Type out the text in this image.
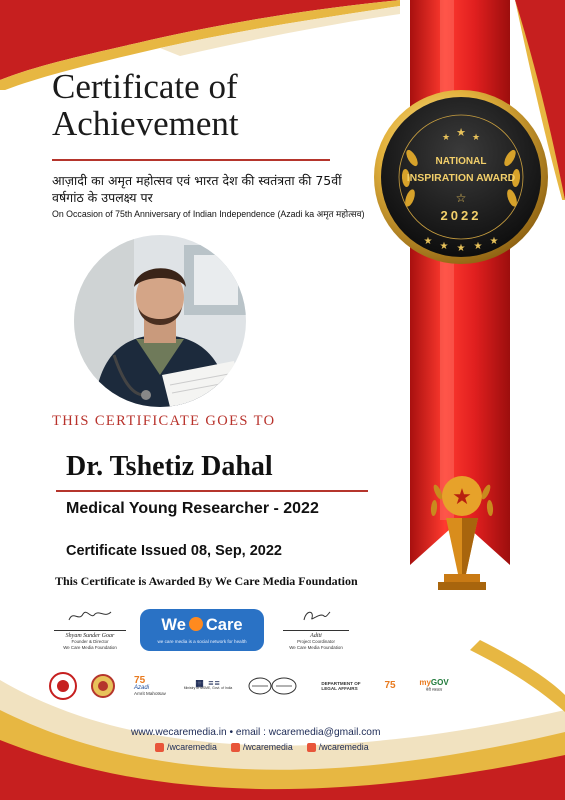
★ ★ ★
☆
★ ★ ★ ★ ★
NATIONAL
INSPIRATION AWARD
2022
★
Certificate of
Achievement
आज़ादी का अमृत महोत्सव एवं भारत देश की स्वतंत्रता की 75वीं
वर्षगांठ के उपलक्ष्य पर
On Occasion of 75th Anniversary of Indian Independence (Azadi ka अमृत महोत्सव)
THIS CERTIFICATE GOES TO
Dr. Tshetiz Dahal
Medical Young Researcher - 2022
Certificate Issued 08, Sep, 2022
This Certificate is Awarded By We Care Media Foundation
Shyam Sunder Goar
Founder & Director
We Care Media Foundation
Aditi
Project Coordinator
We Care Media Foundation
We Care
we care media is a social network for health
75
Azadi
Amrit Mahotsav
▦ ≡≡
Ministry of MSME, Govt. of India
DEPARTMENT OF
LEGAL AFFAIRS	75	myGOV
मेरी सरकार
www.wecaremedia.in • email : wcaremedia@gmail.com
/wcaremedia	/wcaremedia	/wcaremedia
